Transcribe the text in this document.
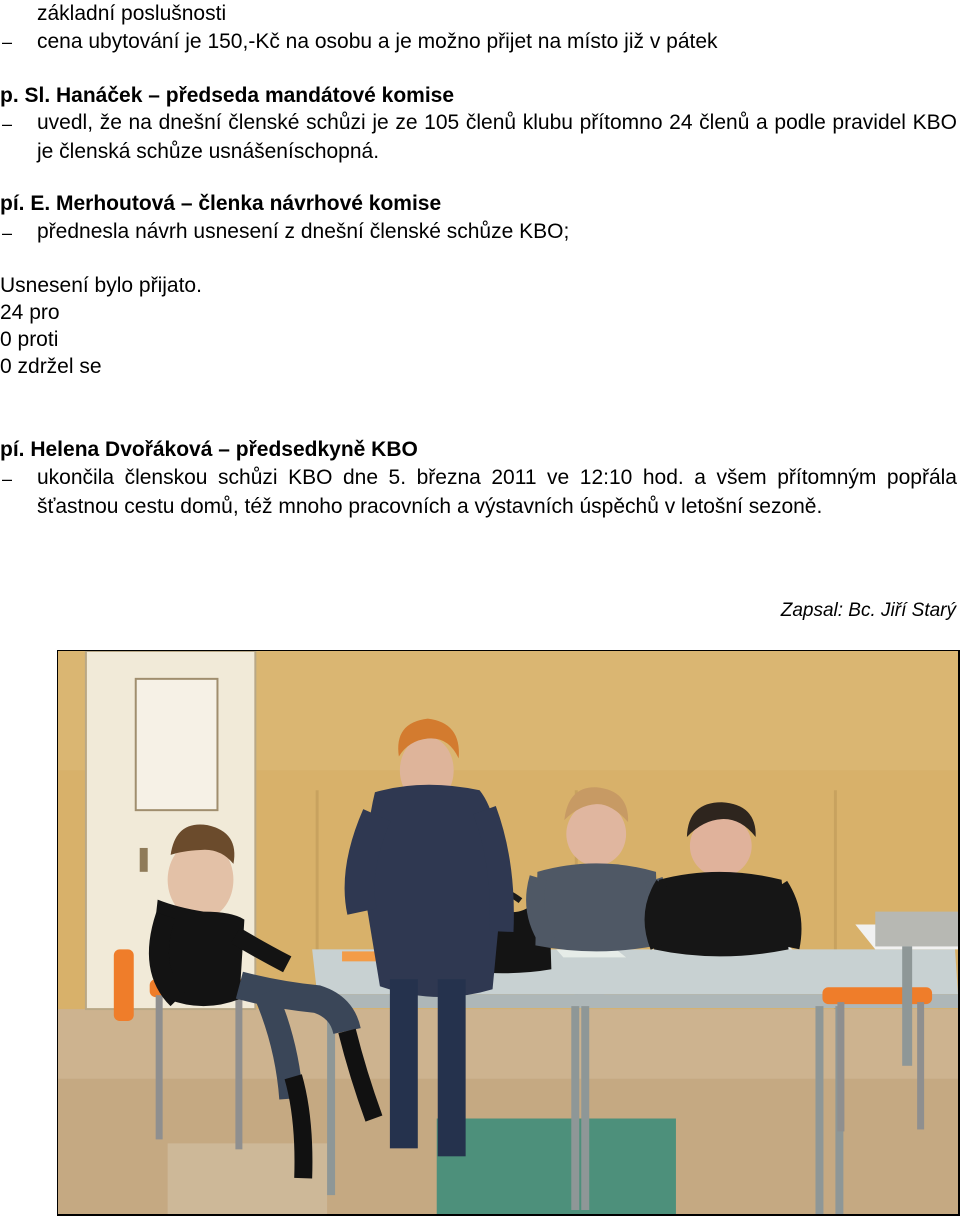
základní poslušnosti
–	cena ubytování je 150,-Kč na osobu a je možno přijet na místo již v pátek
p. Sl. Hanáček – předseda mandátové komise
–	uvedl, že na dnešní členské schůzi je ze 105 členů klubu přítomno 24 členů a podle pravidel KBO je členská schůze usnášeníschopná.
pí. E. Merhoutová – členka návrhové komise
–	přednesla návrh usnesení z dnešní členské schůze KBO;
Usnesení bylo přijato.
24 pro
0 proti
0 zdržel se
pí. Helena Dvořáková – předsedkyně KBO
–	ukončila členskou schůzi KBO dne 5. března 2011 ve 12:10 hod. a všem přítomným popřála šťastnou cestu domů, též mnoho pracovních a výstavních úspěchů v letošní sezoně.
Zapsal: Bc. Jiří Starý
